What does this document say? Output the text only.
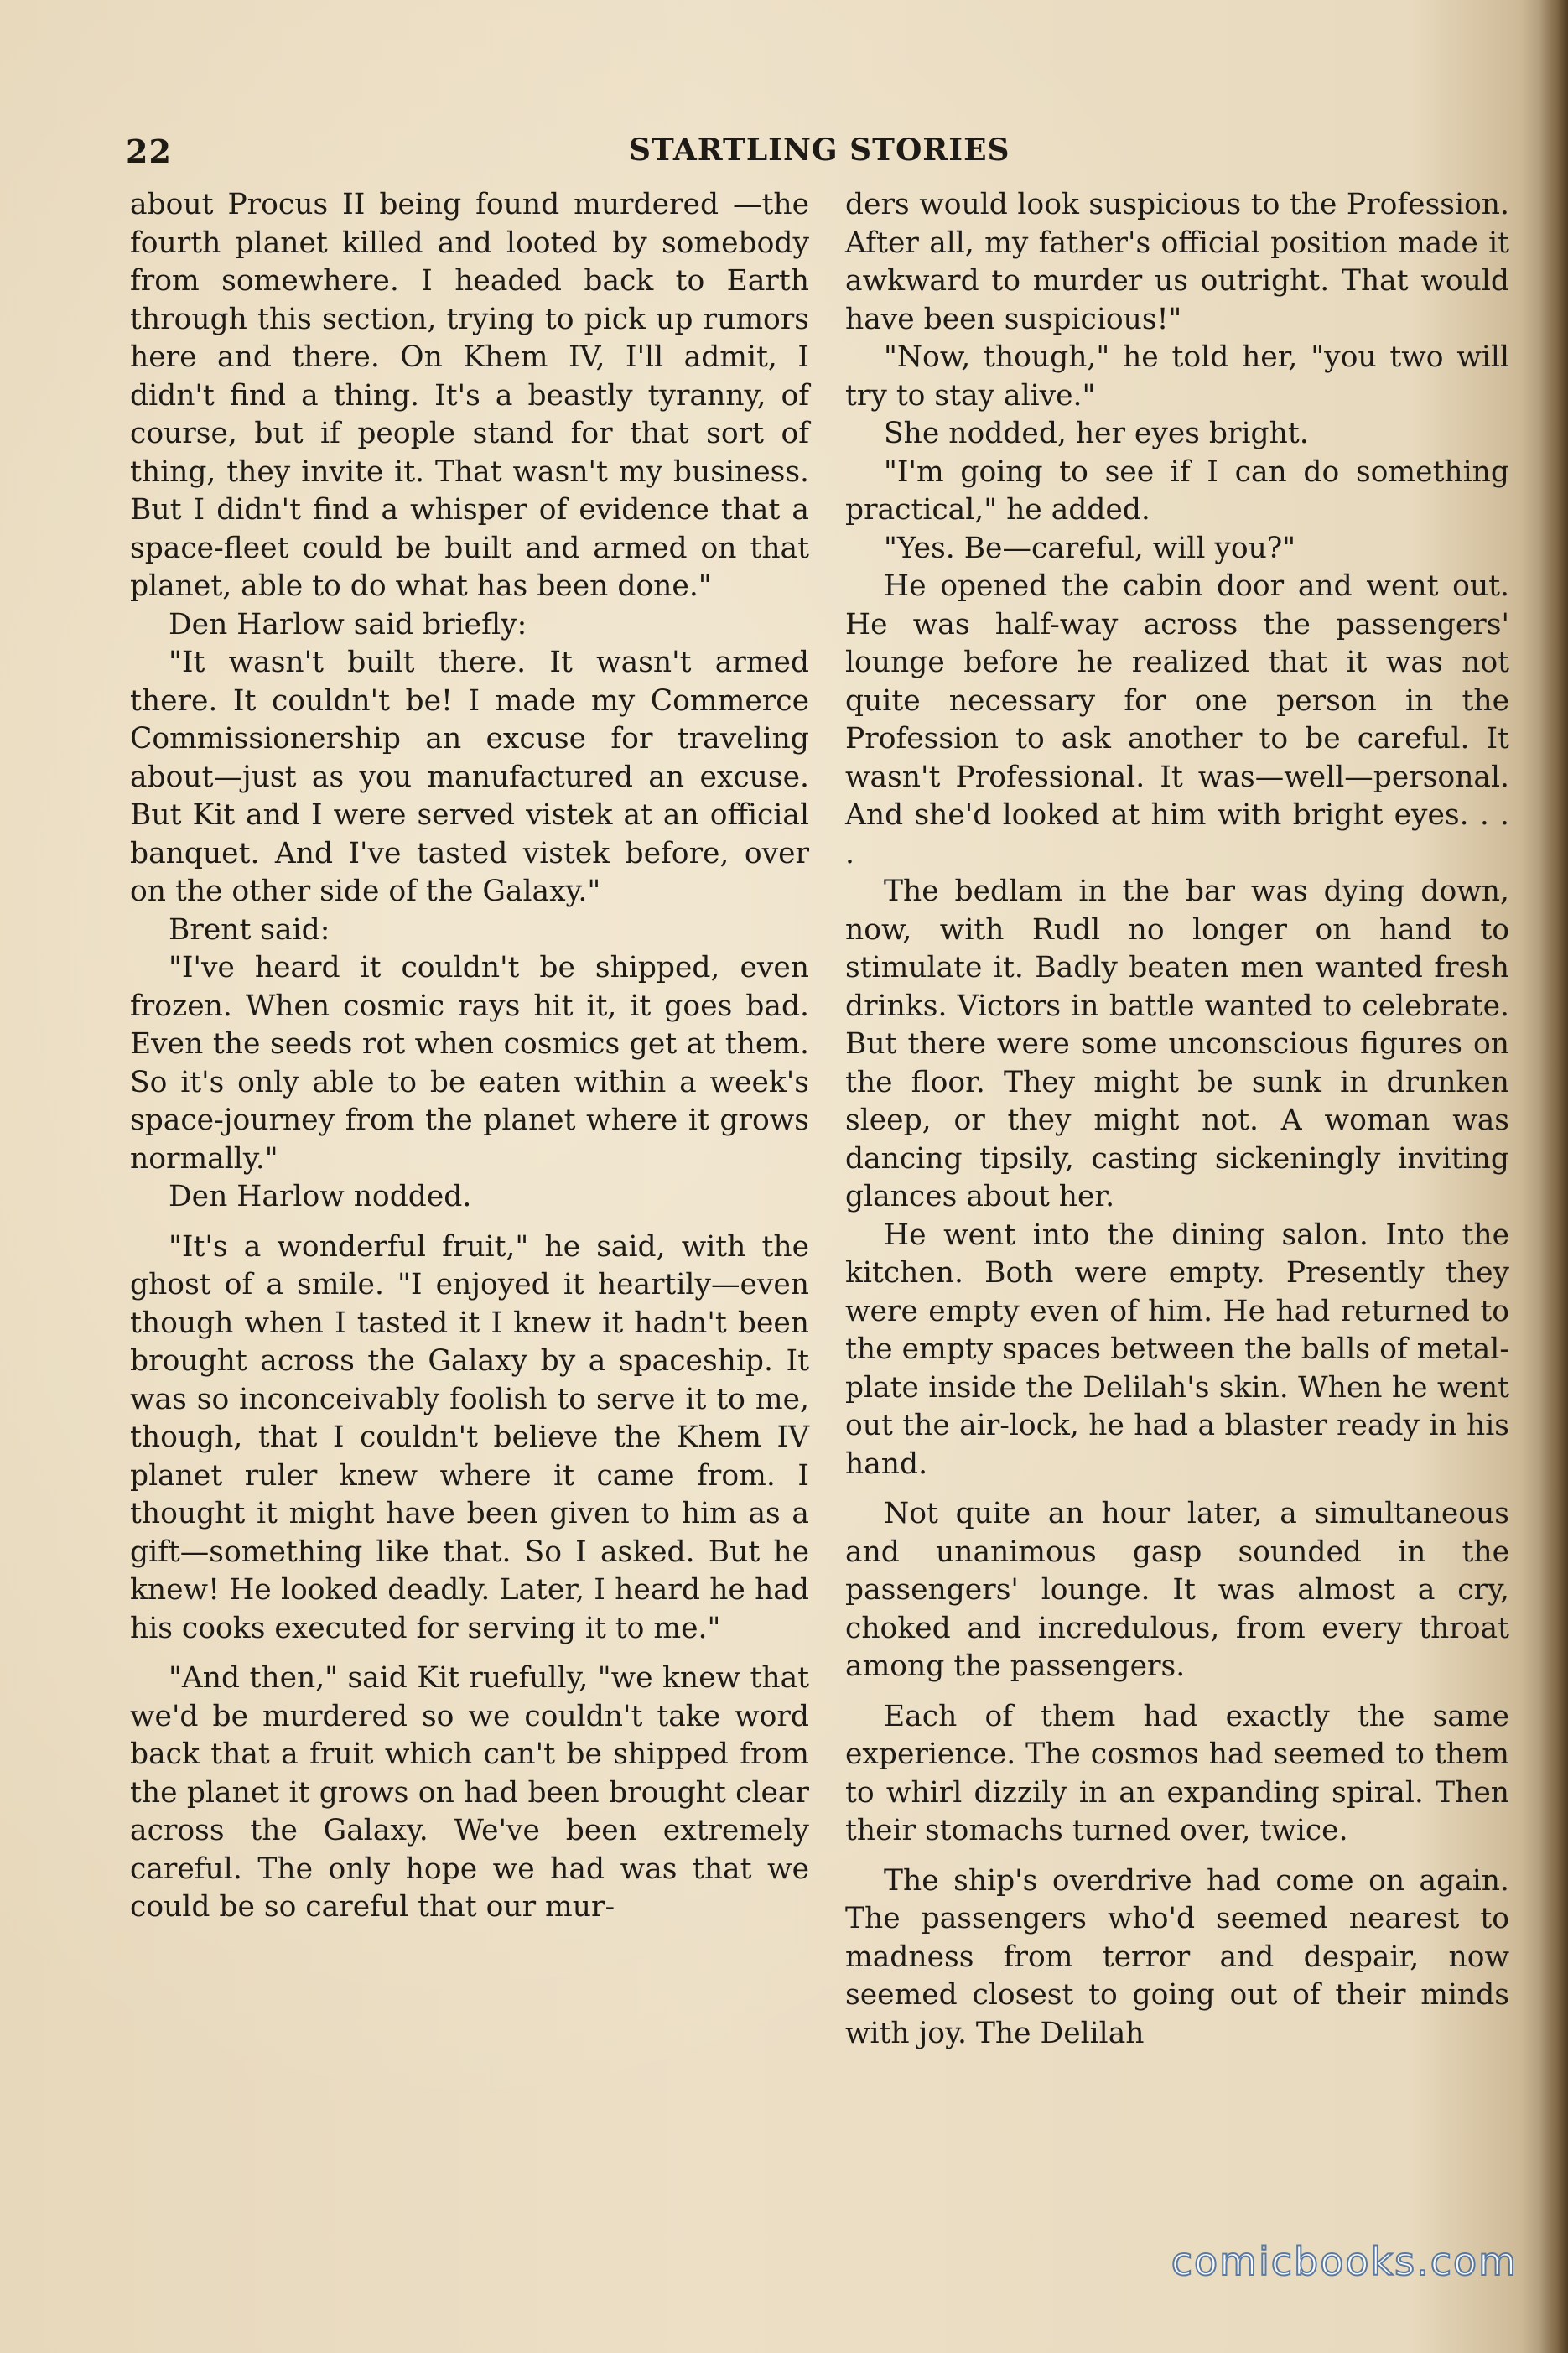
22	STARTLING STORIES

about Procus II being found murdered —the fourth planet killed and looted by somebody from somewhere. I headed back to Earth through this section, trying to pick up rumors here and there. On Khem IV, I'll admit, I didn't find a thing. It's a beastly tyranny, of course, but if people stand for that sort of thing, they invite it. That wasn't my business. But I didn't find a whisper of evidence that a space-fleet could be built and armed on that planet, able to do what has been done."

Den Harlow said briefly:

"It wasn't built there. It wasn't armed there. It couldn't be! I made my Commerce Commissionership an excuse for traveling about—just as you manufactured an excuse. But Kit and I were served vistek at an official banquet. And I've tasted vistek before, over on the other side of the Galaxy."

Brent said:

"I've heard it couldn't be shipped, even frozen. When cosmic rays hit it, it goes bad. Even the seeds rot when cosmics get at them. So it's only able to be eaten within a week's space-journey from the planet where it grows normally."

Den Harlow nodded.

"It's a wonderful fruit," he said, with the ghost of a smile. "I enjoyed it heartily—even though when I tasted it I knew it hadn't been brought across the Galaxy by a spaceship. It was so inconceivably foolish to serve it to me, though, that I couldn't believe the Khem IV planet ruler knew where it came from. I thought it might have been given to him as a gift—something like that. So I asked. But he knew! He looked deadly. Later, I heard he had his cooks executed for serving it to me."

"And then," said Kit ruefully, "we knew that we'd be murdered so we couldn't take word back that a fruit which can't be shipped from the planet it grows on had been brought clear across the Galaxy. We've been extremely careful. The only hope we had was that we could be so careful that our mur-

ders would look suspicious to the Profession. After all, my father's official position made it awkward to murder us outright. That would have been suspicious!"

"Now, though," he told her, "you two will try to stay alive."

She nodded, her eyes bright.

"I'm going to see if I can do something practical," he added.

"Yes. Be—careful, will you?"

He opened the cabin door and went out. He was half-way across the passengers' lounge before he realized that it was not quite necessary for one person in the Profession to ask another to be careful. It wasn't Professional. It was—well—personal. And she'd looked at him with bright eyes. . . .

The bedlam in the bar was dying down, now, with Rudl no longer on hand to stimulate it. Badly beaten men wanted fresh drinks. Victors in battle wanted to celebrate. But there were some unconscious figures on the floor. They might be sunk in drunken sleep, or they might not. A woman was dancing tipsily, casting sickeningly inviting glances about her.

He went into the dining salon. Into the kitchen. Both were empty. Presently they were empty even of him. He had returned to the empty spaces between the balls of metal-plate inside the Delilah's skin. When he went out the air-lock, he had a blaster ready in his hand.

Not quite an hour later, a simultaneous and unanimous gasp sounded in the passengers' lounge. It was almost a cry, choked and incredulous, from every throat among the passengers.

Each of them had exactly the same experience. The cosmos had seemed to them to whirl dizzily in an expanding spiral. Then their stomachs turned over, twice.

The ship's overdrive had come on again. The passengers who'd seemed nearest to madness from terror and despair, now seemed closest to going out of their minds with joy. The Delilah

comicbooks.com
